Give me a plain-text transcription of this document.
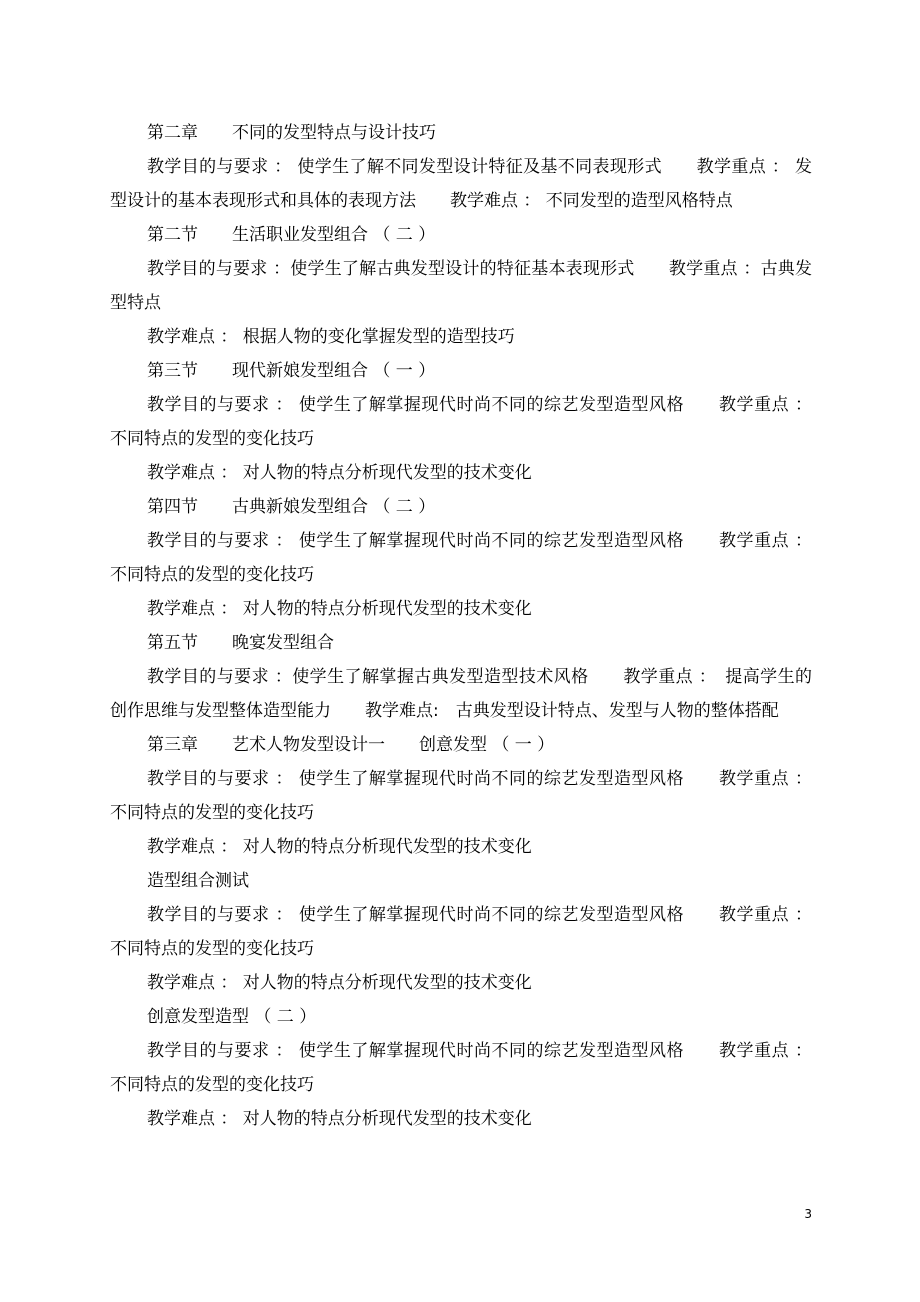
第二章　　不同的发型特点与设计技巧

教学目的与要求 ： 使学生了解不同发型设计特征及基不同表现形式　　教学重点 ： 发型设计的基本表现形式和具体的表现方法　　教学难点 ： 不同发型的造型风格特点

第二节　　生活职业发型组合 （ 二 ）

教学目的与要求 ：使学生了解古典发型设计的特征基本表现形式　　教学重点 ：古典发型特点

教学难点 ： 根据人物的变化掌握发型的造型技巧

第三节　　现代新娘发型组合 （ 一 ）

教学目的与要求 ： 使学生了解掌握现代时尚不同的综艺发型造型风格　　教学重点 ： 不同特点的发型的变化技巧

教学难点 ： 对人物的特点分析现代发型的技术变化

第四节　　古典新娘发型组合 （ 二 ）

教学目的与要求 ： 使学生了解掌握现代时尚不同的综艺发型造型风格　　教学重点 ： 不同特点的发型的变化技巧

教学难点 ： 对人物的特点分析现代发型的技术变化

第五节　　晚宴发型组合

教学目的与要求 ：使学生了解掌握古典发型造型技术风格　　教学重点 ：　提高学生的创作思维与发型整体造型能力　　教学难点:　古典发型设计特点、发型与人物的整体搭配

第三章　　艺术人物发型设计一　　创意发型 （ 一 ）

教学目的与要求 ： 使学生了解掌握现代时尚不同的综艺发型造型风格　　教学重点 ： 不同特点的发型的变化技巧

教学难点 ： 对人物的特点分析现代发型的技术变化

造型组合测试

教学目的与要求 ： 使学生了解掌握现代时尚不同的综艺发型造型风格　　教学重点 ： 不同特点的发型的变化技巧

教学难点 ： 对人物的特点分析现代发型的技术变化

创意发型造型 （ 二 ）

教学目的与要求 ： 使学生了解掌握现代时尚不同的综艺发型造型风格　　教学重点 ： 不同特点的发型的变化技巧

教学难点 ： 对人物的特点分析现代发型的技术变化

3
